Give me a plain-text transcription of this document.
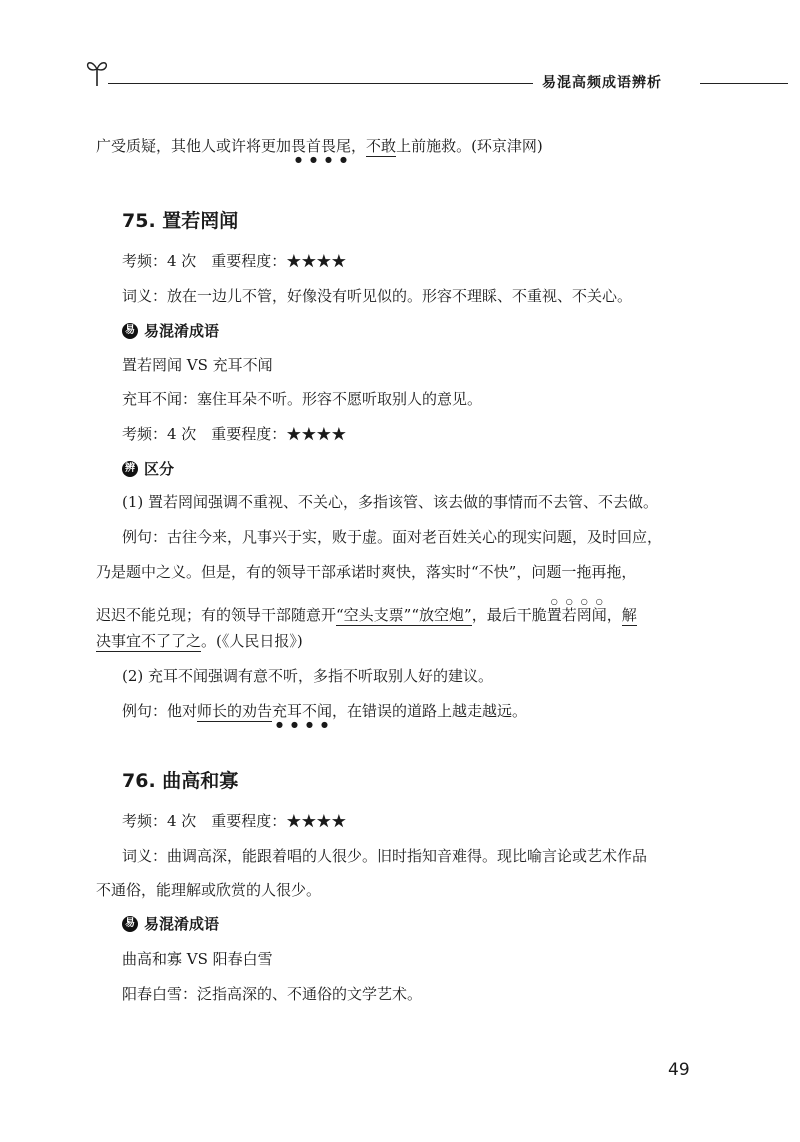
易混高频成语辨析
广受质疑，其他人或许将更加畏首畏尾，不敢上前施救。(环京津网)
75. 置若罔闻
考频：4 次　重要程度：★★★★
词义：放在一边儿不管，好像没有听见似的。形容不理睬、不重视、不关心。
易 易混淆成语
置若罔闻 VS 充耳不闻
充耳不闻：塞住耳朵不听。形容不愿听取别人的意见。
考频：4 次　重要程度：★★★★
辨 区分
(1) 置若罔闻强调不重视、不关心，多指该管、该去做的事情而不去管、不去做。
例句：古往今来，凡事兴于实，败于虚。面对老百姓关心的现实问题，及时回应，
乃是题中之义。但是，有的领导干部承诺时爽快，落实时“不快”，问题一拖再拖，
迟迟不能兑现；有的领导干部随意开“空头支票”“放空炮”，最后干脆置若罔闻，解
决事宜不了了之。(《人民日报》)
(2) 充耳不闻强调有意不听，多指不听取别人好的建议。
例句：他对师长的劝告充耳不闻，在错误的道路上越走越远。
76. 曲高和寡
考频：4 次　重要程度：★★★★
词义：曲调高深，能跟着唱的人很少。旧时指知音难得。现比喻言论或艺术作品
不通俗，能理解或欣赏的人很少。
易 易混淆成语
曲高和寡 VS 阳春白雪
阳春白雪：泛指高深的、不通俗的文学艺术。
49
